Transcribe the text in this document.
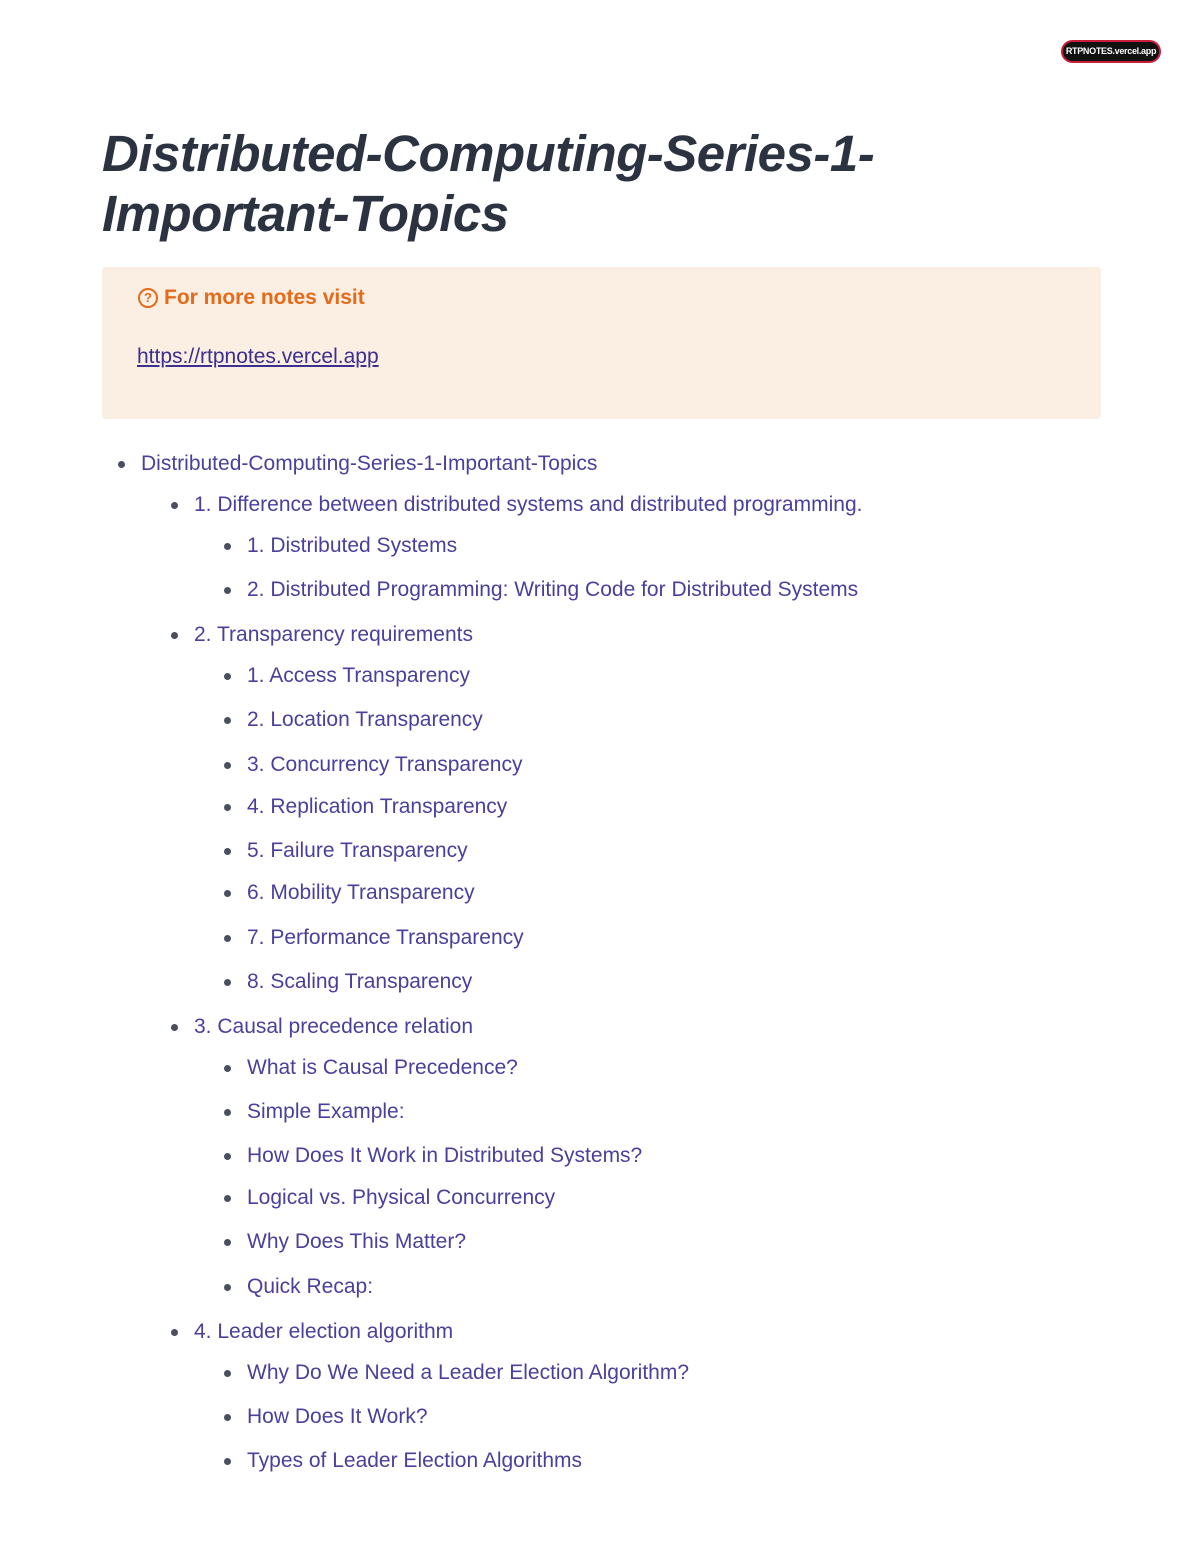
RTPNOTES.vercel.app
Distributed-Computing-Series-1-Important-Topics
? For more notes visit
https://rtpnotes.vercel.app
Distributed-Computing-Series-1-Important-Topics
1. Difference between distributed systems and distributed programming.
1. Distributed Systems
2. Distributed Programming: Writing Code for Distributed Systems
2. Transparency requirements
1. Access Transparency
2. Location Transparency
3. Concurrency Transparency
4. Replication Transparency
5. Failure Transparency
6. Mobility Transparency
7. Performance Transparency
8. Scaling Transparency
3. Causal precedence relation
What is Causal Precedence?
Simple Example:
How Does It Work in Distributed Systems?
Logical vs. Physical Concurrency
Why Does This Matter?
Quick Recap:
4. Leader election algorithm
Why Do We Need a Leader Election Algorithm?
How Does It Work?
Types of Leader Election Algorithms
